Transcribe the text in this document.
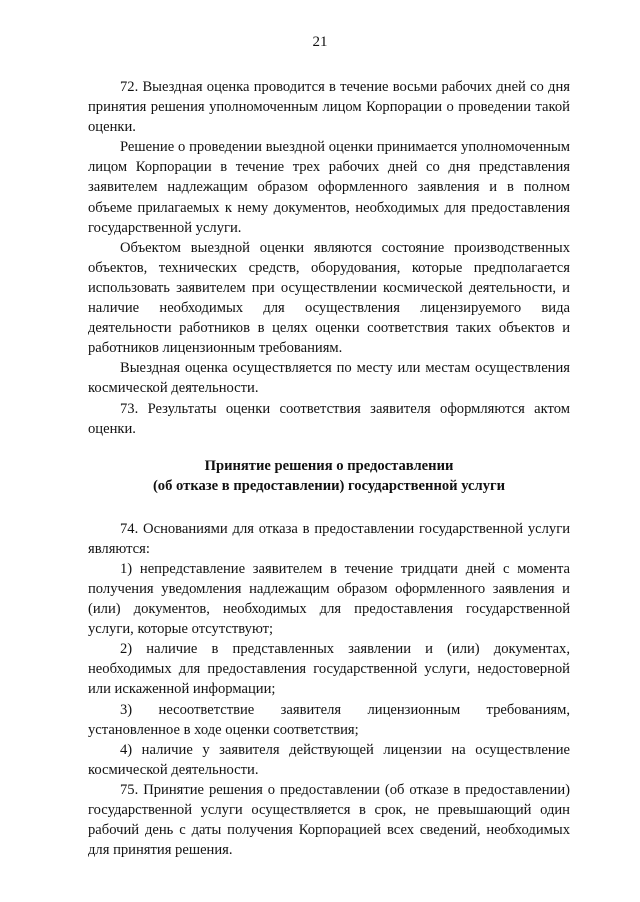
21

72. Выездная оценка проводится в течение восьми рабочих дней со дня принятия решения уполномоченным лицом Корпорации о проведении такой оценки.

Решение о проведении выездной оценки принимается уполномоченным лицом Корпорации в течение трех рабочих дней со дня представления заявителем надлежащим образом оформленного заявления и в полном объеме прилагаемых к нему документов, необходимых для предоставления государственной услуги.

Объектом выездной оценки являются состояние производственных объектов, технических средств, оборудования, которые предполагается использовать заявителем при осуществлении космической деятельности, и наличие необходимых для осуществления лицензируемого вида деятельности работников в целях оценки соответствия таких объектов и работников лицензионным требованиям.

Выездная оценка осуществляется по месту или местам осуществления космической деятельности.

73. Результаты оценки соответствия заявителя оформляются актом оценки.

Принятие решения о предоставлении
(об отказе в предоставлении) государственной услуги

74. Основаниями для отказа в предоставлении государственной услуги являются:

1) непредставление заявителем в течение тридцати дней с момента получения уведомления надлежащим образом оформленного заявления и (или) документов, необходимых для предоставления государственной услуги, которые отсутствуют;

2) наличие в представленных заявлении и (или) документах, необходимых для предоставления государственной услуги, недостоверной или искаженной информации;

3) несоответствие заявителя лицензионным требованиям, установленное в ходе оценки соответствия;

4) наличие у заявителя действующей лицензии на осуществление космической деятельности.

75. Принятие решения о предоставлении (об отказе в предоставлении) государственной услуги осуществляется в срок, не превышающий один рабочий день с даты получения Корпорацией всех сведений, необходимых для принятия решения.
